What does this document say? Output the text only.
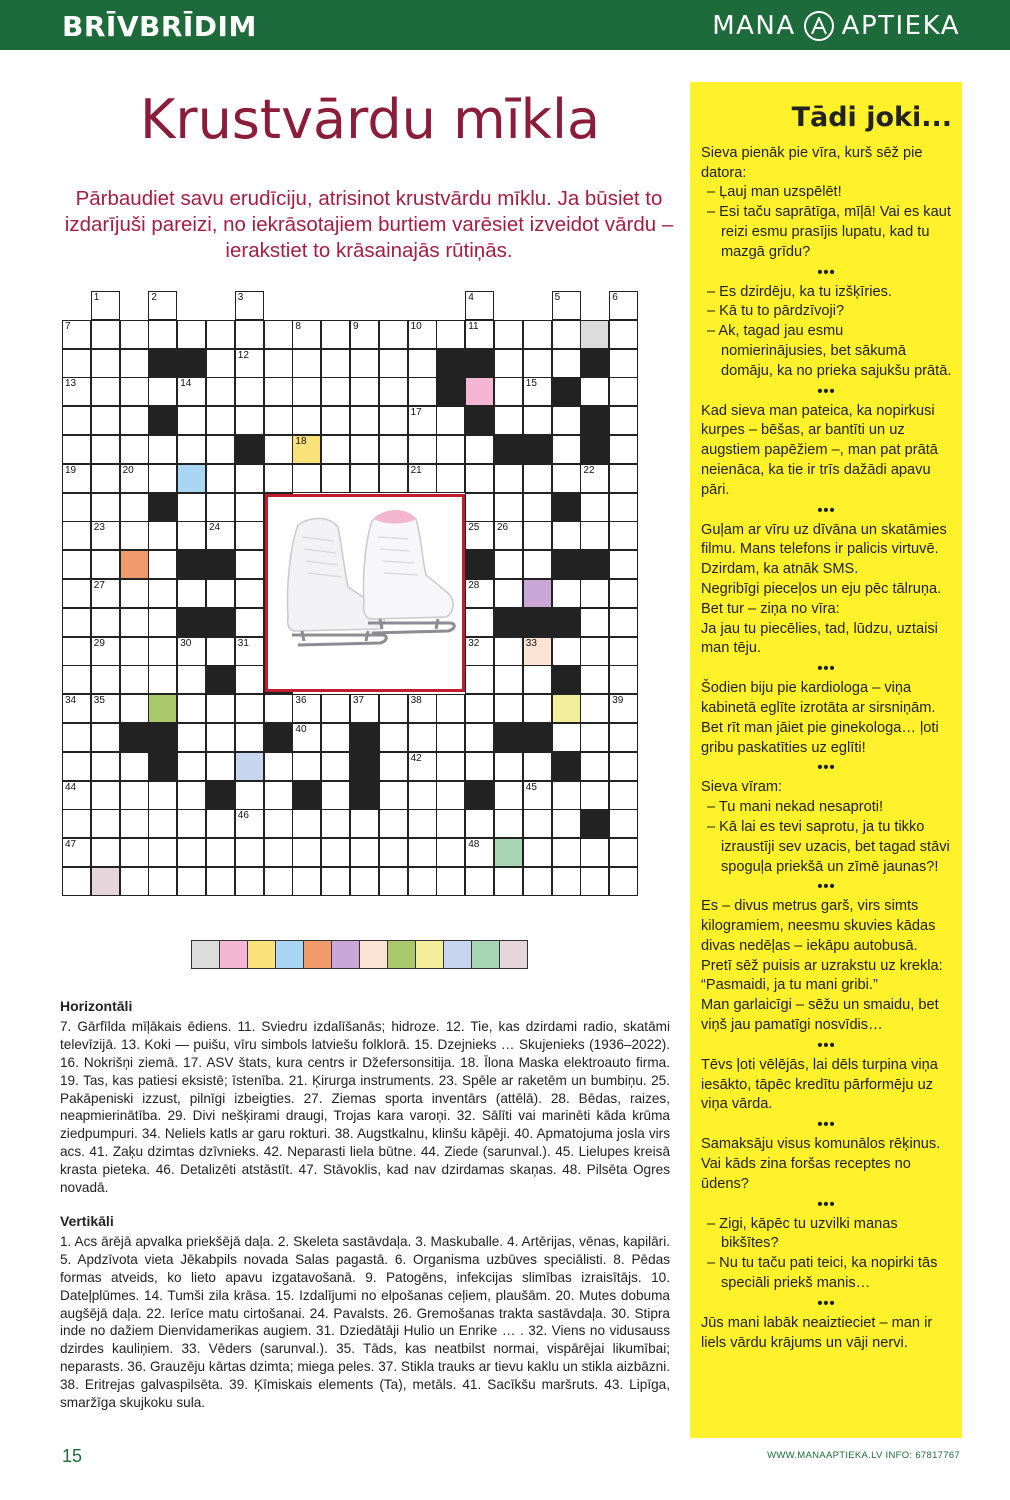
BRĪVBRĪDIM	MANA APTIEKA
Krustvārdu mīkla
Pārbaudiet savu erudīciju, atrisinot krustvārdu mīklu. Ja būsiet to izdarījuši pareizi, no iekrāsotajiem burtiem varēsiet izveidot vārdu – ierakstiet to krāsainajās rūtiņās.
1	2	3	4	5	6
7	8	9	10	11
12
13	14	15
17
18
19	20	21	22
23	24	25 26
27	28
29	30	31	32	33
34 35	36	37	38	39
40
42
44	45
46
47	48
Horizontāli

7. Gārfīlda mīļākais ēdiens. 11. Sviedru izdalīšanās; hidroze. 12. Tie, kas dzirdami radio, skatāmi televīzijā. 13. Koki — puišu, vīru simbols latviešu folklorā. 15. Dzejnieks … Skujenieks (1936–2022). 16. Nokrišņi ziemā. 17. ASV štats, kura centrs ir Džefersonsitija. 18. Īlona Maska elektroauto firma. 19. Tas, kas patiesi eksistē; īstenība. 21. Ķirurga instruments. 23. Spēle ar raketēm un bumbiņu. 25. Pakāpeniski izzust, pilnīgi izbeigties. 27. Ziemas sporta inventārs (attēlā). 28. Bēdas, raizes, neapmierinātība. 29. Divi nešķirami draugi, Trojas kara varoņi. 32. Sālīti vai marinēti kāda krūma ziedpumpuri. 34. Neliels katls ar garu rokturi. 38. Augstkalnu, klinšu kāpēji. 40. Apmatojuma josla virs acs. 41. Zaķu dzimtas dzīvnieks. 42. Neparasti liela būtne. 44. Ziede (sarunval.). 45. Lielupes kreisā krasta pieteka. 46. Detalizēti atstāstīt. 47. Stāvoklis, kad nav dzirdamas skaņas. 48. Pilsēta Ogres novadā.

Vertikāli

1. Acs ārējā apvalka priekšējā daļa. 2. Skeleta sastāvdaļa. 3. Maskuballe. 4. Artērijas, vēnas, kapilāri. 5. Apdzīvota vieta Jēkabpils novada Salas pagastā. 6. Organisma uzbūves speciālisti. 8. Pēdas formas atveids, ko lieto apavu izgatavošanā. 9. Patogēns, infekcijas slimības izraisītājs. 10. Dateļplūmes. 14. Tumši zila krāsa. 15. Izdalījumi no elpošanas ceļiem, plaušām. 20. Mutes dobuma augšējā daļa. 22. Ierīce matu cirtošanai. 24. Pavalsts. 26. Gremošanas trakta sastāvdaļa. 30. Stipra inde no dažiem Dienvidamerikas augiem. 31. Dziedātāji Hulio un Enrike … . 32. Viens no vidusauss dzirdes kauliņiem. 33. Vēders (sarunval.). 35. Tāds, kas neatbilst normai, vispārējai likumībai; neparasts. 36. Grauzēju kārtas dzimta; miega peles. 37. Stikla trauks ar tievu kaklu un stikla aizbāzni. 38. Eritrejas galvaspilsēta. 39. Ķīmiskais elements (Ta), metāls. 41. Sacīkšu maršruts. 43. Lipīga, smaržīga skujkoku sula.

Tādi joki...
Sieva pienāk pie vīra, kurš sēž pie datora:
– Ļauj man uzspēlēt!
– Esi taču saprātīga, mīļā! Vai es kaut reizi esmu prasījis lupatu, kad tu mazgā grīdu?
•••
– Es dzirdēju, ka tu izšķīries.
– Kā tu to pārdzīvoji?
– Ak, tagad jau esmu nomierinājusies, bet sākumā domāju, ka no prieka sajukšu prātā.
•••
Kad sieva man pateica, ka nopirkusi kurpes – bēšas, ar bantīti un uz augstiem papēžiem –, man pat prātā neienāca, ka tie ir trīs dažādi apavu pāri.
•••
Guļam ar vīru uz dīvāna un skatāmies filmu. Mans telefons ir palicis virtuvē. Dzirdam, ka atnāk SMS.
Negribīgi pieceļos un eju pēc tālruņa. Bet tur – ziņa no vīra:
Ja jau tu piecēlies, tad, lūdzu, uztaisi man tēju.
•••
Šodien biju pie kardiologa – viņa kabinetā eglīte izrotāta ar sirsniņām. Bet rīt man jāiet pie ginekologa… ļoti gribu paskatīties uz eglīti!
•••
Sieva vīram:
– Tu mani nekad nesaproti!
– Kā lai es tevi saprotu, ja tu tikko izraustīji sev uzacis, bet tagad stāvi spoguļa priekšā un zīmē jaunas?!
•••
Es – divus metrus garš, virs simts kilogramiem, neesmu skuvies kādas divas nedēļas – iekāpu autobusā. Pretī sēž puisis ar uzrakstu uz krekla: “Pasmaidi, ja tu mani gribi.”
Man garlaicīgi – sēžu un smaidu, bet viņš jau pamatīgi nosvīdis…
•••
Tēvs ļoti vēlējās, lai dēls turpina viņa iesākto, tāpēc kredītu pārformēju uz viņa vārda.
•••
Samaksāju visus komunālos rēķinus. Vai kāds zina foršas receptes no ūdens?
•••
– Zigi, kāpēc tu uzvilki manas bikšītes?
– Nu tu taču pati teici, ka nopirki tās speciāli priekš manis…
•••
Jūs mani labāk neaiztieciet – man ir liels vārdu krājums un vāji nervi.
15	WWW.MANAAPTIEKA.LV INFO: 67817767
